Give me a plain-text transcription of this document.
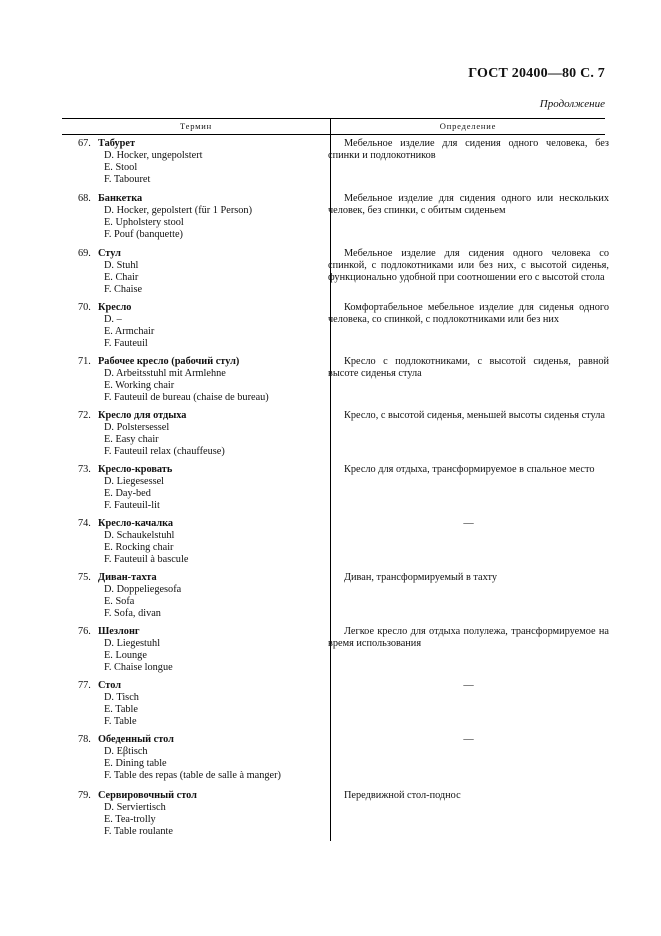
ГОСТ 20400—80 С. 7
Продолжение
Термин	Определение
67. Табурет
D. Hocker, ungepolstert
E. Stool
F. Tabouret
Мебельное изделие для сидения одного человека, без спинки и подлокотников
68. Банкетка
D. Hocker, gepolstert (für 1 Person)
E. Upholstery stool
F. Pouf (banquette)
Мебельное изделие для сидения одного или нескольких человек, без спинки, с обитым сиденьем
69. Стул
D. Stuhl
E. Chair
F. Chaise
Мебельное изделие для сидения одного человека со спинкой, с подлокотниками или без них, с высотой сиденья, функционально удобной при соотношении его с высотой стола
70. Кресло
D. –
E. Armchair
F. Fauteuil
Комфортабельное мебельное изделие для сиденья одного человека, со спинкой, с подлокотниками или без них
71. Рабочее кресло (рабочий стул)
D. Arbeitsstuhl mit Armlehne
E. Working chair
F. Fauteuil de bureau (chaise de bureau)
Кресло с подлокотниками, с высотой сиденья, равной высоте сиденья стула
72. Кресло для отдыха
D. Polstersessel
E. Easy chair
F. Fauteuil relax (chauffeuse)
Кресло, с высотой сиденья, меньшей высоты сиденья стула
73. Кресло-кровать
D. Liegesessel
E. Day-bed
F. Fauteuil-lit
Кресло для отдыха, трансформируемое в спальное место
74. Кресло-качалка
D. Schaukelstuhl
E. Rocking chair
F. Fauteuil à bascule
—
75. Диван-тахта
D. Doppeliegesofa
E. Sofa
F. Sofa, divan
Диван, трансформируемый в тахту
76. Шезлонг
D. Liegestuhl
E. Lounge
F. Chaise longue
Легкое кресло для отдыха полулежа, трансформируемое на время использования
77. Стол
D. Tisch
E. Table
F. Table
—
78. Обеденный стол
D. Eβtisch
E. Dining table
F. Table des repas (table de salle à manger)
—
79. Сервировочный стол
D. Serviertisch
E. Tea-trolly
F. Table roulante
Передвижной стол-поднос
